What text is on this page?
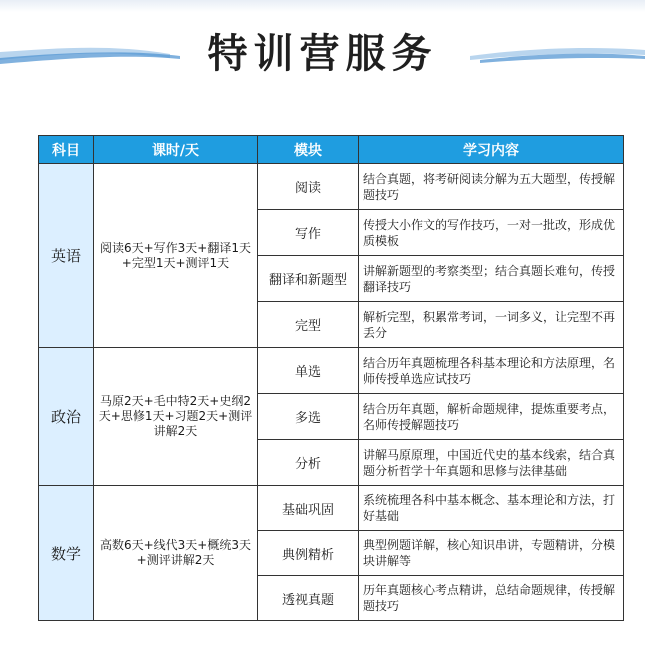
特训营服务
科目	课时/天	模块	学习内容
英语	阅读6天+写作3天+翻译1天+完型1天+测评1天	阅读	结合真题，将考研阅读分解为五大题型，传授解题技巧

		写作	传授大小作文的写作技巧，一对一批改，形成优质模板

		翻译和新题型	讲解新题型的考察类型；结合真题长难句，传授翻译技巧

		完型	解析完型，积累常考词，一词多义，让完型不再丢分

政治	马原2天+毛中特2天+史纲2天+思修1天+习题2天+测评讲解2天	单选	结合历年真题梳理各科基本理论和方法原理，名师传授单选应试技巧

		多选	结合历年真题，解析命题规律，提炼重要考点，名师传授解题技巧

		分析	讲解马原原理，中国近代史的基本线索，结合真题分析哲学十年真题和思修与法律基础

数学	高数6天+线代3天+概统3天+测评讲解2天	基础巩固	系统梳理各科中基本概念、基本理论和方法，打好基础

		典例精析	典型例题详解，核心知识串讲，专题精讲，分模块讲解等

		透视真题	历年真题核心考点精讲，总结命题规律，传授解题技巧
